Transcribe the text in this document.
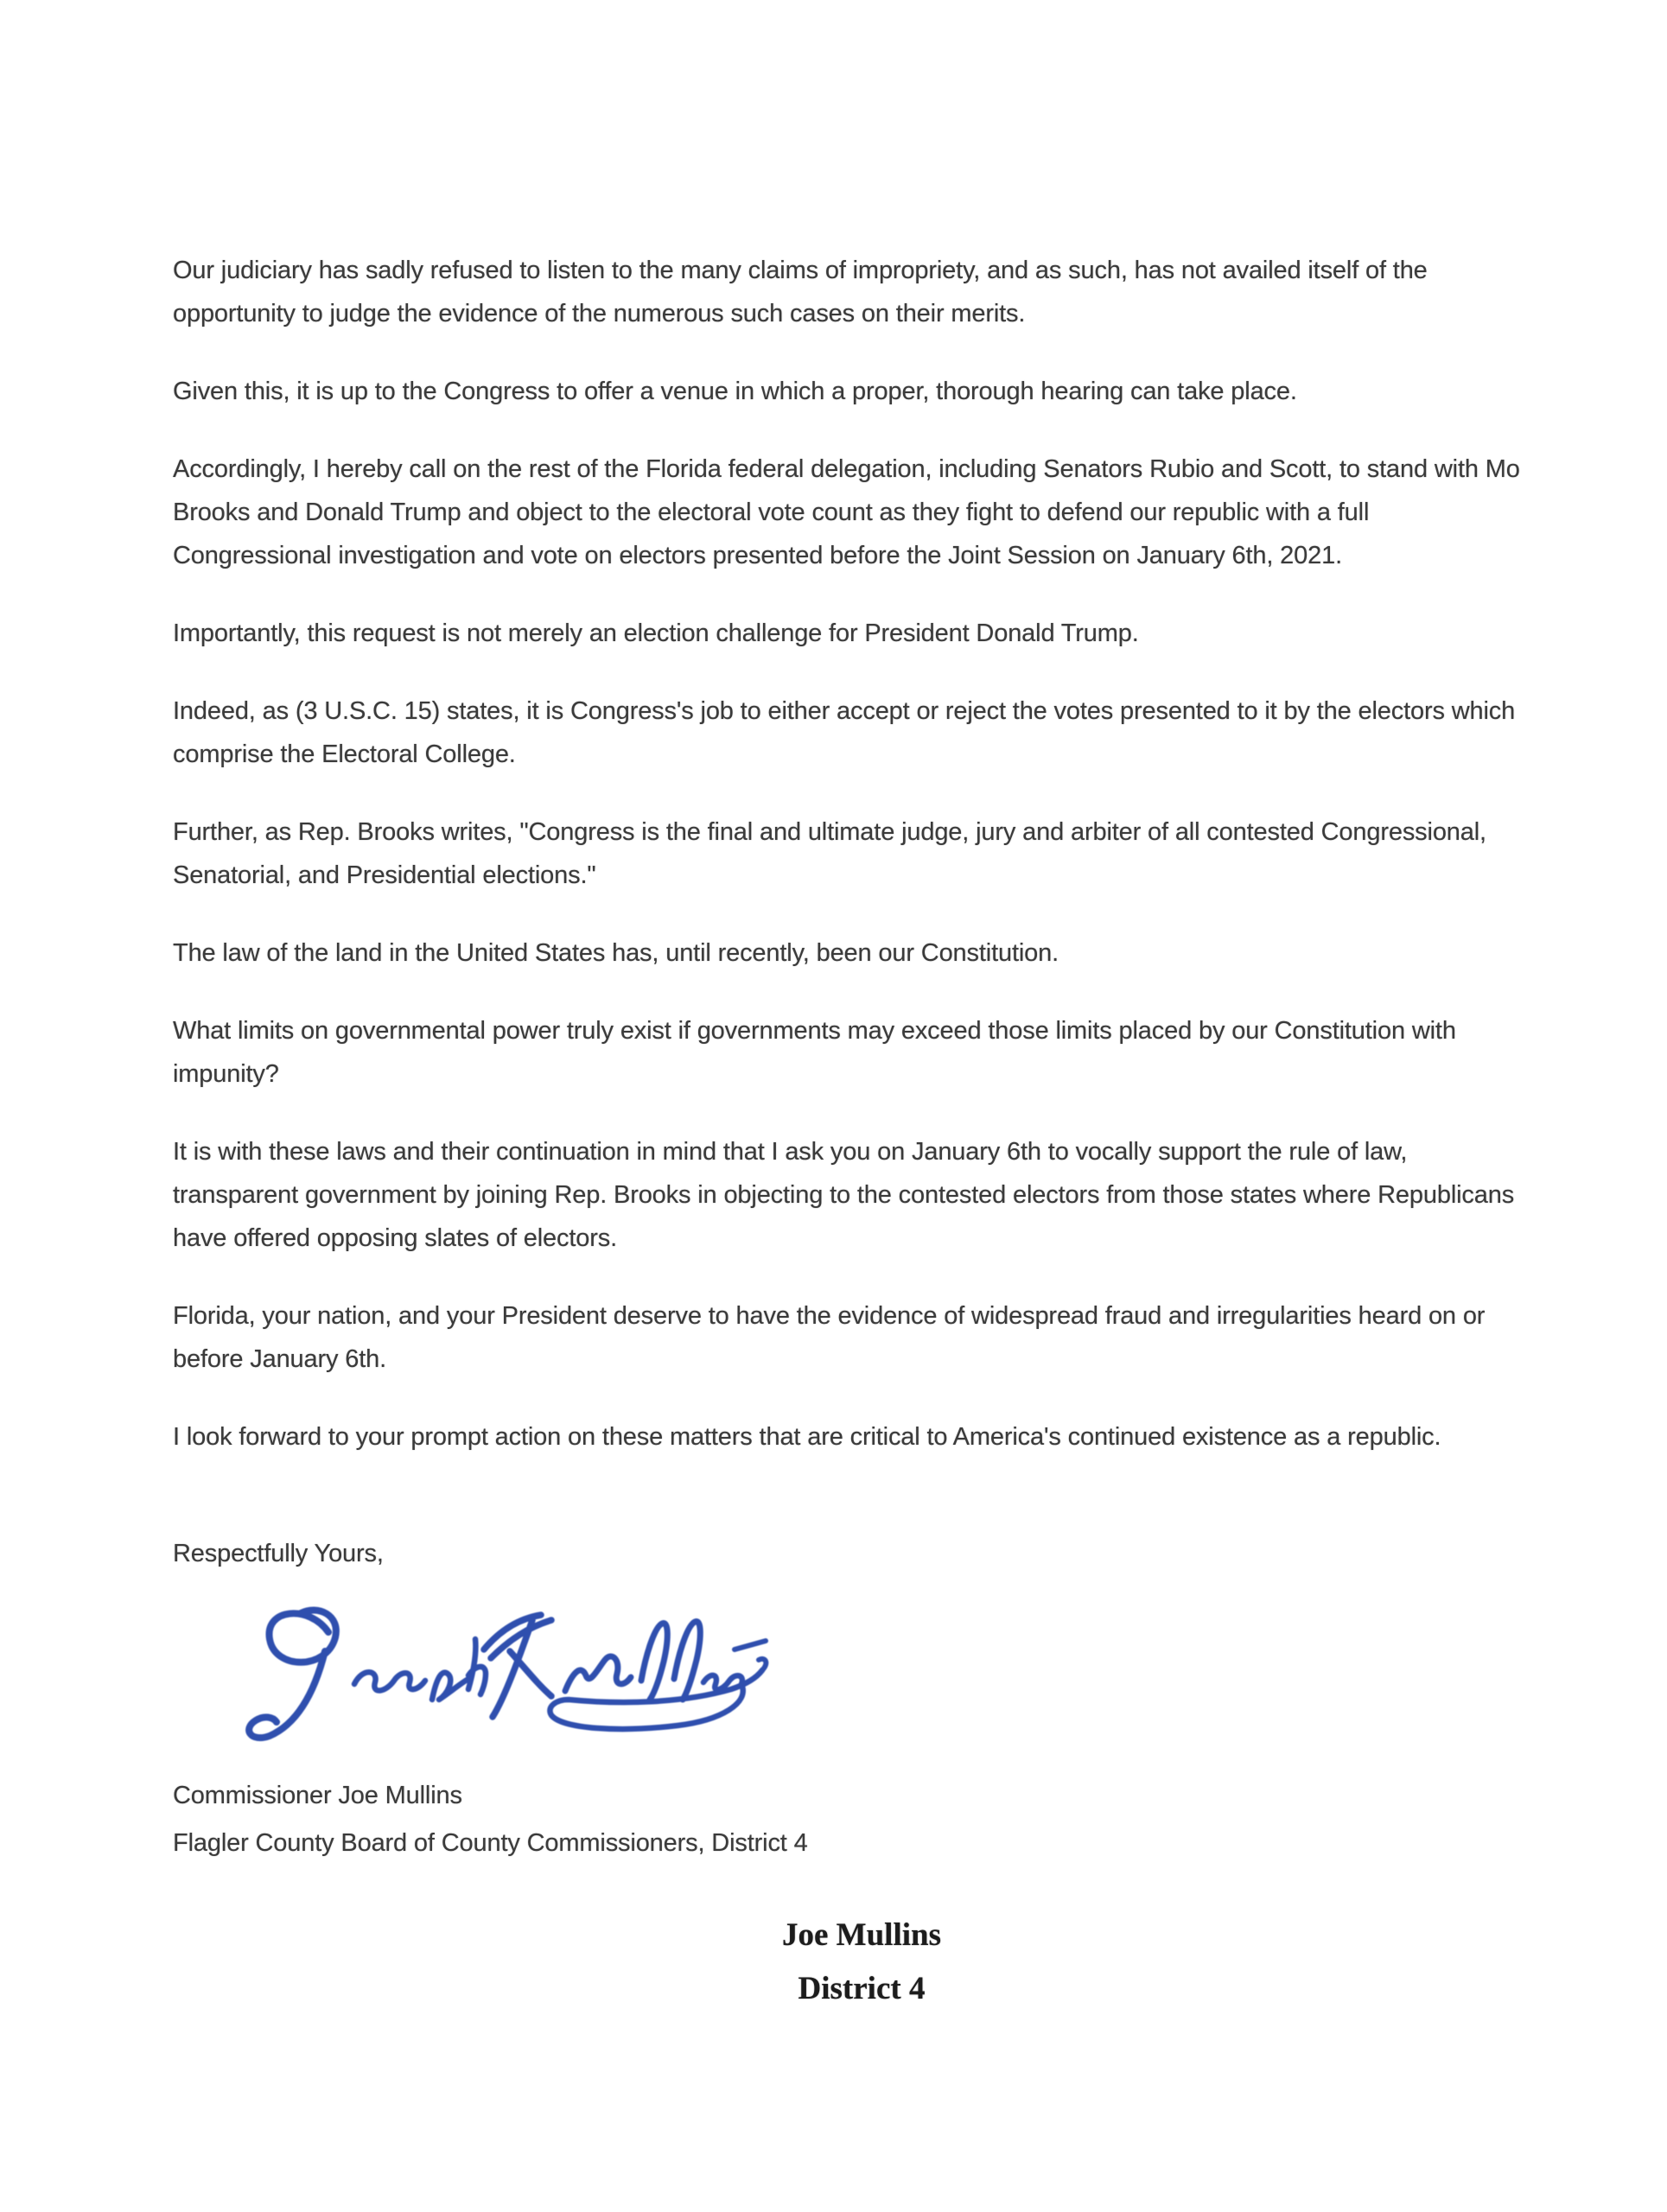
Our judiciary has sadly refused to listen to the many claims of impropriety, and as such, has not availed itself of the opportunity to judge the evidence of the numerous such cases on their merits.

Given this, it is up to the Congress to offer a venue in which a proper, thorough hearing can take place.

Accordingly, I hereby call on the rest of the Florida federal delegation, including Senators Rubio and Scott, to stand with Mo Brooks and Donald Trump and object to the electoral vote count as they fight to defend our republic with a full Congressional investigation and vote on electors presented before the Joint Session on January 6th, 2021.

Importantly, this request is not merely an election challenge for President Donald Trump.

Indeed, as (3 U.S.C. 15) states, it is Congress's job to either accept or reject the votes presented to it by the electors which comprise the Electoral College.

Further, as Rep. Brooks writes, "Congress is the final and ultimate judge, jury and arbiter of all contested Congressional, Senatorial, and Presidential elections."

The law of the land in the United States has, until recently, been our Constitution.

What limits on governmental power truly exist if governments may exceed those limits placed by our Constitution with impunity?

It is with these laws and their continuation in mind that I ask you on January 6th to vocally support the rule of law, transparent government by joining Rep. Brooks in objecting to the contested electors from those states where Republicans have offered opposing slates of electors.

Florida, your nation, and your President deserve to have the evidence of widespread fraud and irregularities heard on or before January 6th.

I look forward to your prompt action on these matters that are critical to America's continued existence as a republic.

Respectfully Yours,

Commissioner Joe Mullins

Flagler County Board of County Commissioners, District 4

Joe Mullins

District 4
